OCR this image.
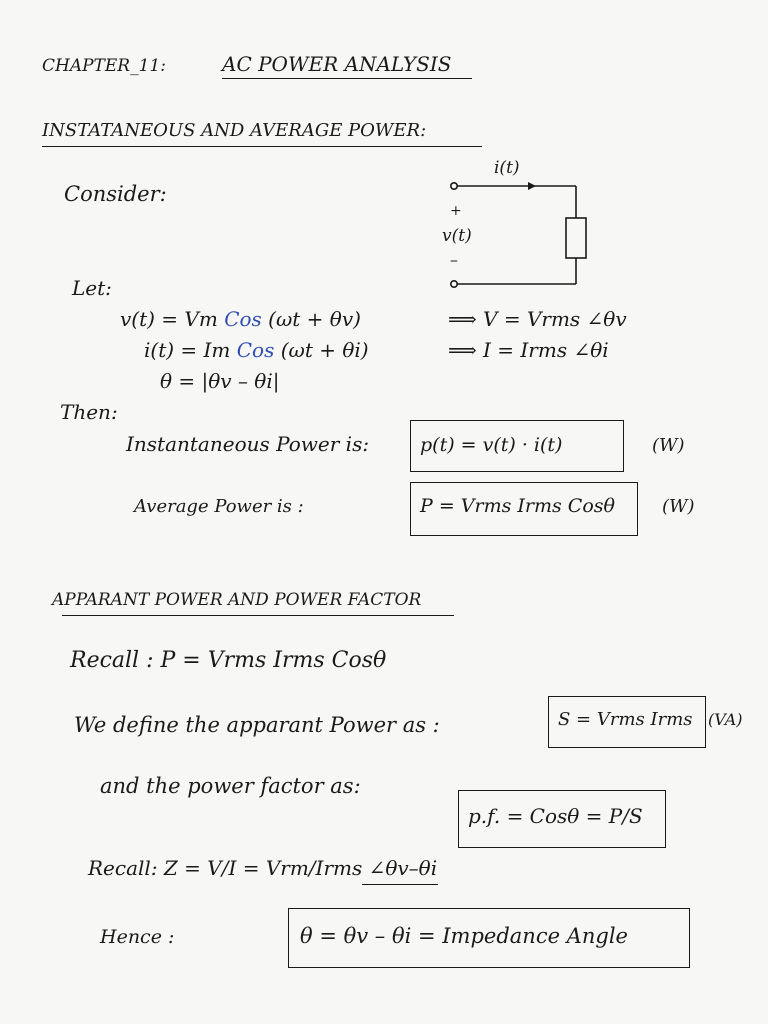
CHAPTER_11:	AC POWER ANALYSIS
INSTATANEOUS AND AVERAGE POWER:
Consider:
i(t)
+
v(t)
–
Let:
v(t) = Vm Cos (ωt + θv)	⟹ V = Vrms ∠θv
i(t) = Im Cos (ωt + θi)	⟹ I = Irms ∠θi
θ = |θv – θi|
Then:
Instantaneous Power is:	p(t) = v(t) · i(t)	(W)
Average Power is :	P = Vrms Irms Cosθ	(W)
APPARANT POWER AND POWER FACTOR
Recall : P = Vrms Irms Cosθ
We define the apparant Power as :	S = Vrms Irms (VA)
and the power factor as:
p.f. = Cosθ = P/S
Recall: Z = V/I = Vrm/Irms ∠θv–θi
Hence :	θ = θv – θi = Impedance Angle
